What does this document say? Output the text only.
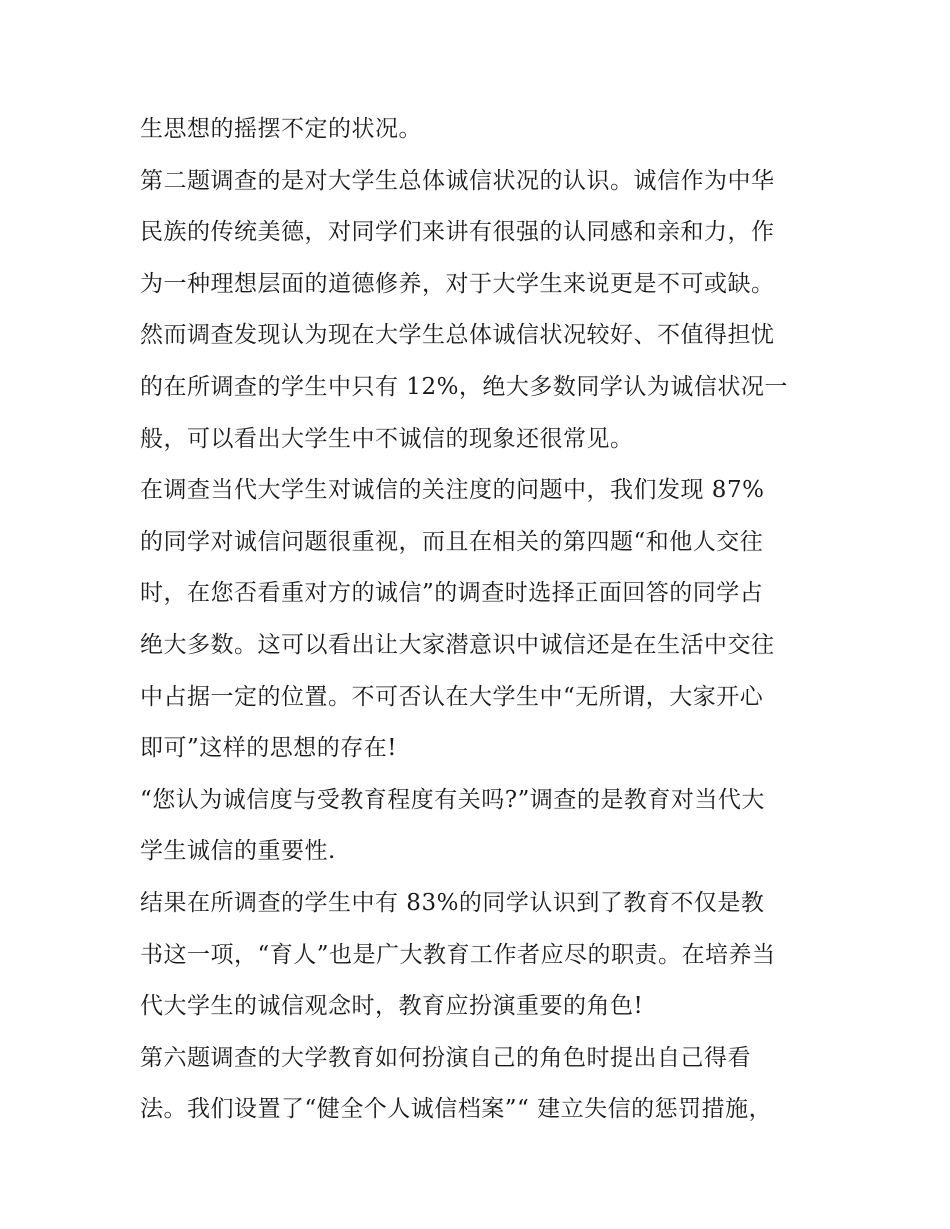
生思想的摇摆不定的状况。
第二题调查的是对大学生总体诚信状况的认识。诚信作为中华
民族的传统美德，对同学们来讲有很强的认同感和亲和力，作
为一种理想层面的道德修养，对于大学生来说更是不可或缺。
然而调查发现认为现在大学生总体诚信状况较好、不值得担忧
的在所调查的学生中只有 12%，绝大多数同学认为诚信状况一
般，可以看出大学生中不诚信的现象还很常见。
在调查当代大学生对诚信的关注度的问题中，我们发现 87%
的同学对诚信问题很重视，而且在相关的第四题“和他人交往
时，在您否看重对方的诚信”的调查时选择正面回答的同学占
绝大多数。这可以看出让大家潜意识中诚信还是在生活中交往
中占据一定的位置。不可否认在大学生中“无所谓，大家开心
即可”这样的思想的存在!
“您认为诚信度与受教育程度有关吗?”调查的是教育对当代大
学生诚信的重要性.
结果在所调查的学生中有 83%的同学认识到了教育不仅是教
书这一项，“育人”也是广大教育工作者应尽的职责。在培养当
代大学生的诚信观念时，教育应扮演重要的角色!
第六题调查的大学教育如何扮演自己的角色时提出自己得看
法。我们设置了“健全个人诚信档案”“ 建立失信的惩罚措施，
